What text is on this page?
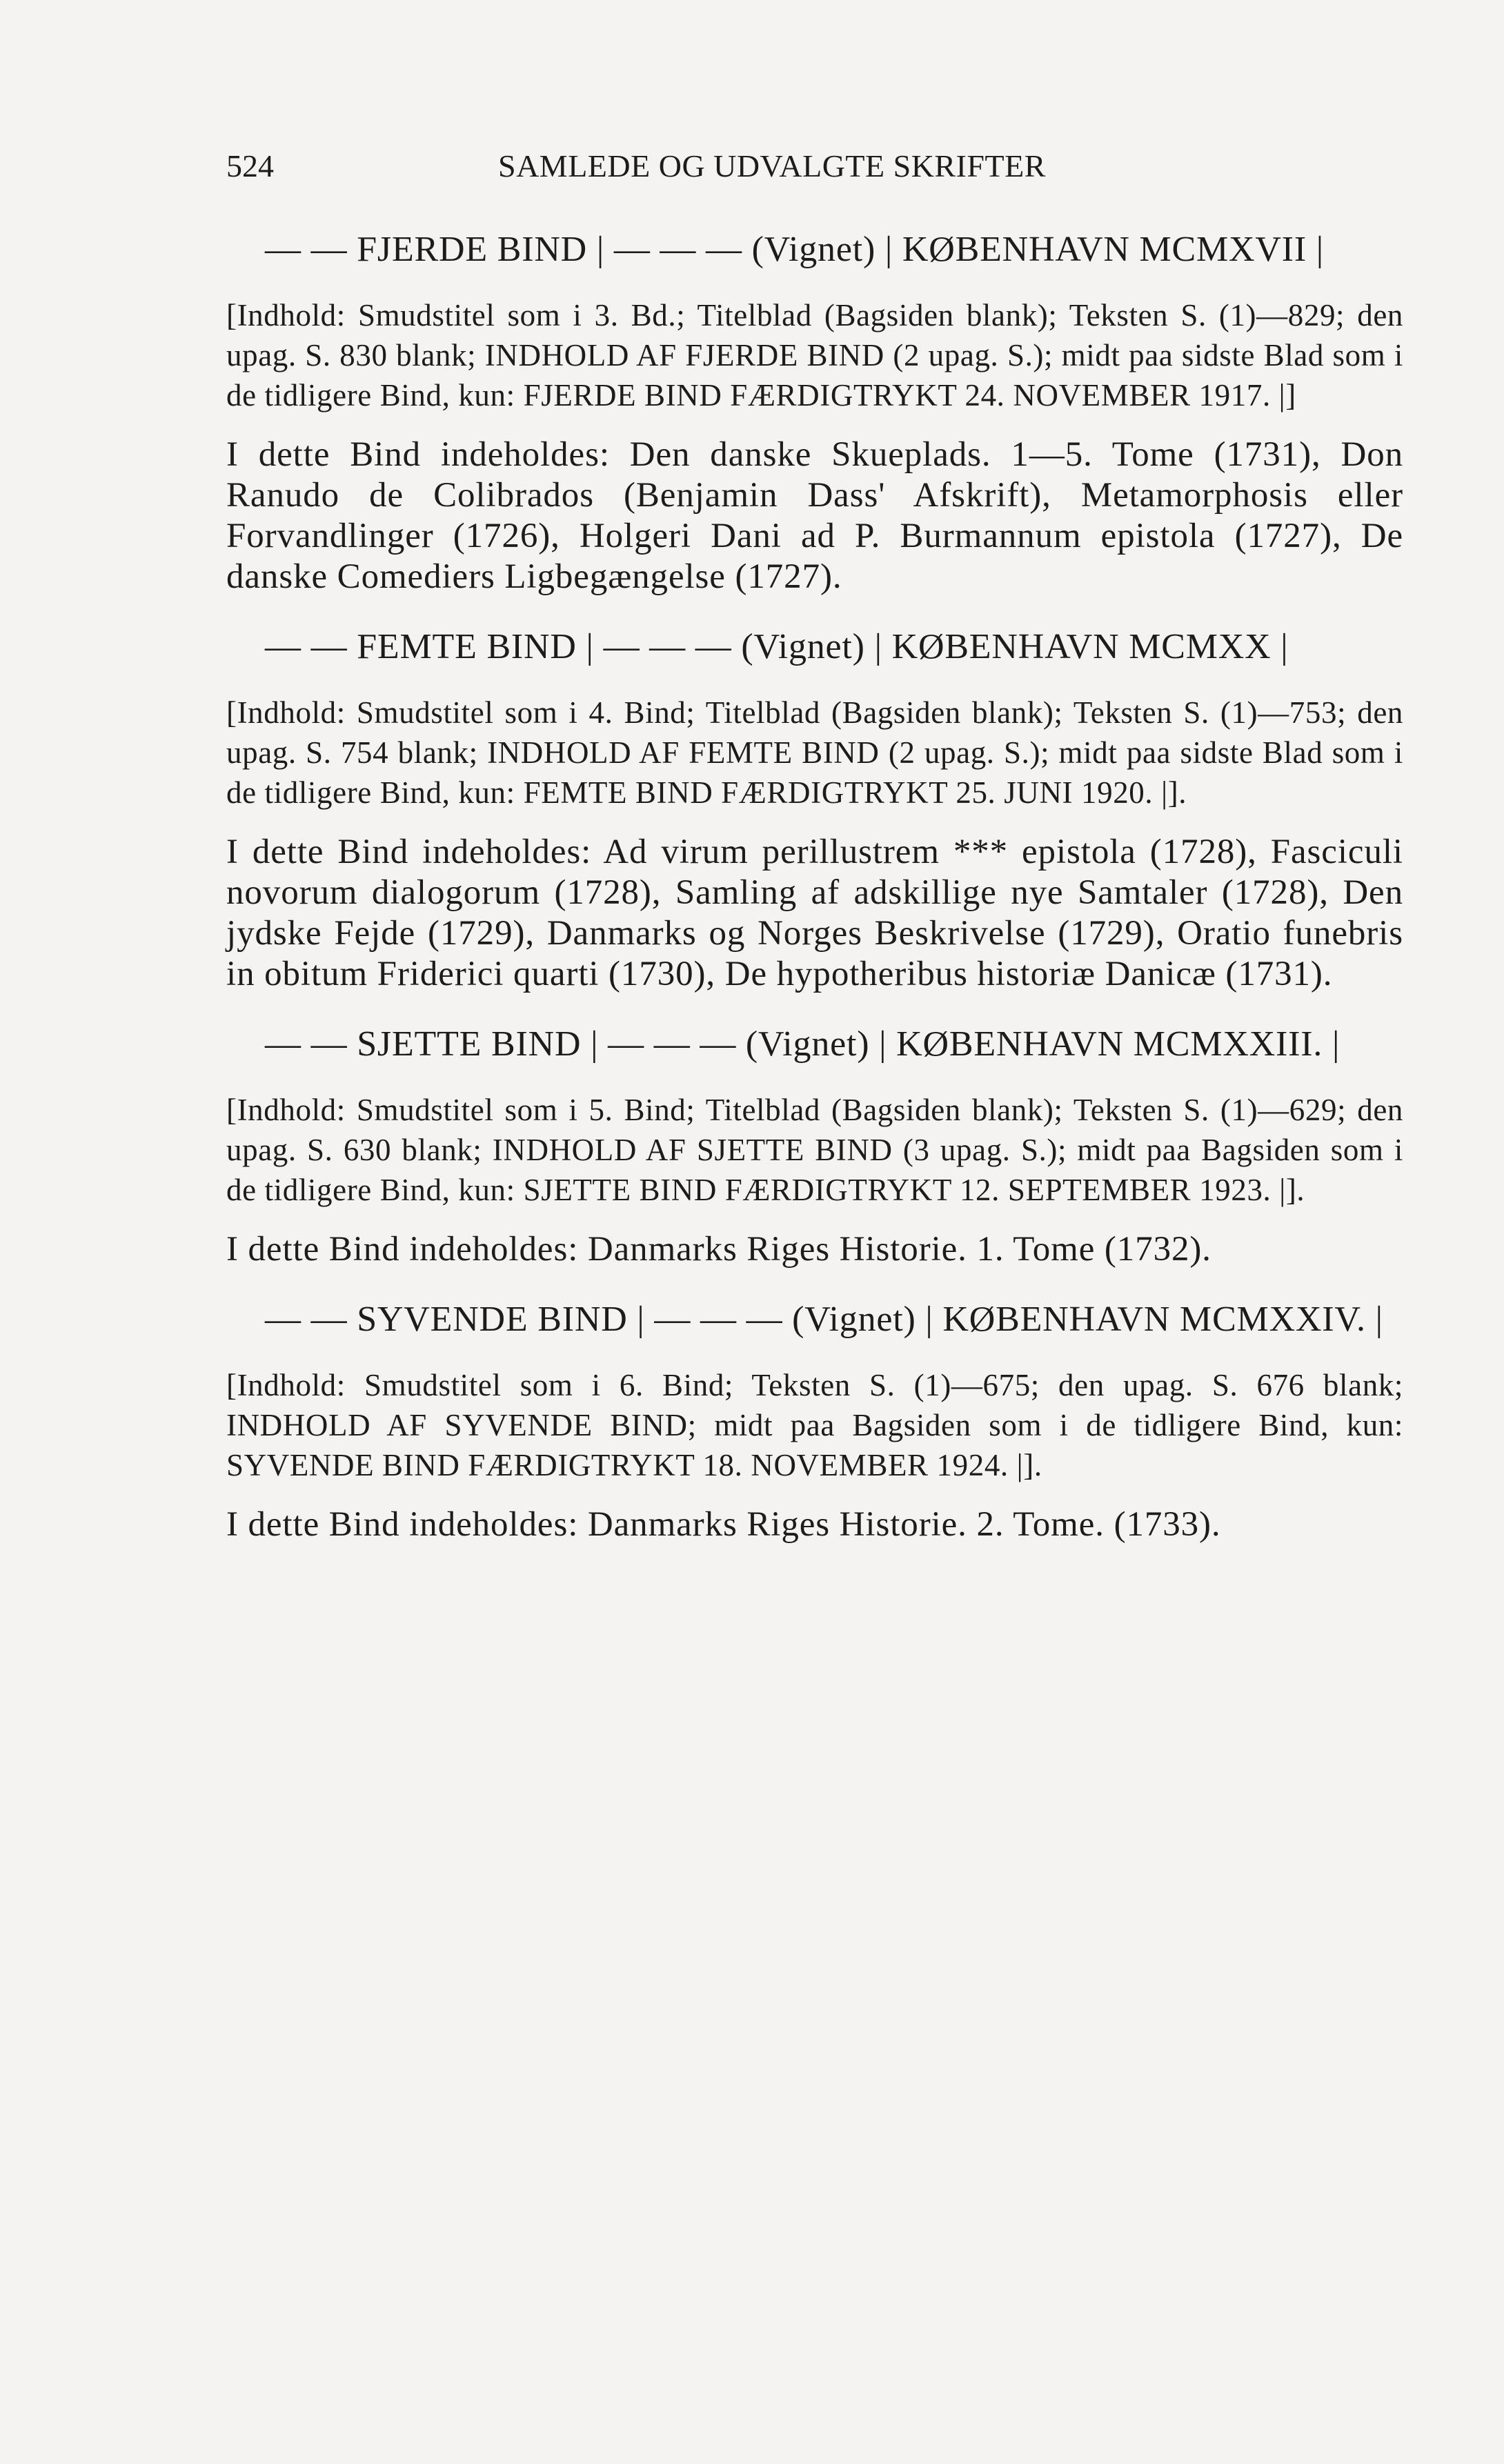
524	SAMLEDE OG UDVALGTE SKRIFTER
— — FJERDE BIND | — — — (Vignet) | KØBENHAVN MCMXVII |
[Indhold: Smudstitel som i 3. Bd.; Titelblad (Bagsiden blank); Teksten S. (1)—829; den upag. S. 830 blank; INDHOLD AF FJERDE BIND (2 upag. S.); midt paa sidste Blad som i de tidligere Bind, kun: FJERDE BIND FÆRDIGTRYKT 24. NOVEMBER 1917. |]
I dette Bind indeholdes: Den danske Skueplads. 1—5. Tome (1731), Don Ranudo de Colibrados (Benjamin Dass' Afskrift), Metamorphosis eller Forvandlinger (1726), Holgeri Dani ad P. Burmannum epistola (1727), De danske Comediers Ligbegængelse (1727).
— — FEMTE BIND | — — — (Vignet) | KØBENHAVN MCMXX |
[Indhold: Smudstitel som i 4. Bind; Titelblad (Bagsiden blank); Teksten S. (1)—753; den upag. S. 754 blank; INDHOLD AF FEMTE BIND (2 upag. S.); midt paa sidste Blad som i de tidligere Bind, kun: FEMTE BIND FÆRDIGTRYKT 25. JUNI 1920. |].
I dette Bind indeholdes: Ad virum perillustrem *** epistola (1728), Fasciculi novorum dialogorum (1728), Samling af adskillige nye Samtaler (1728), Den jydske Fejde (1729), Danmarks og Norges Beskrivelse (1729), Oratio funebris in obitum Friderici quarti (1730), De hypotheribus historiæ Danicæ (1731).
— — SJETTE BIND | — — — (Vignet) | KØBENHAVN MCMXXIII. |
[Indhold: Smudstitel som i 5. Bind; Titelblad (Bagsiden blank); Teksten S. (1)—629; den upag. S. 630 blank; INDHOLD AF SJETTE BIND (3 upag. S.); midt paa Bagsiden som i de tidligere Bind, kun: SJETTE BIND FÆRDIGTRYKT 12. SEPTEMBER 1923. |].
I dette Bind indeholdes: Danmarks Riges Historie. 1. Tome (1732).
— — SYVENDE BIND | — — — (Vignet) | KØBENHAVN MCMXXIV. |
[Indhold: Smudstitel som i 6. Bind; Teksten S. (1)—675; den upag. S. 676 blank; INDHOLD AF SYVENDE BIND; midt paa Bagsiden som i de tidligere Bind, kun: SYVENDE BIND FÆRDIGTRYKT 18. NOVEMBER 1924. |].
I dette Bind indeholdes: Danmarks Riges Historie. 2. Tome. (1733).
